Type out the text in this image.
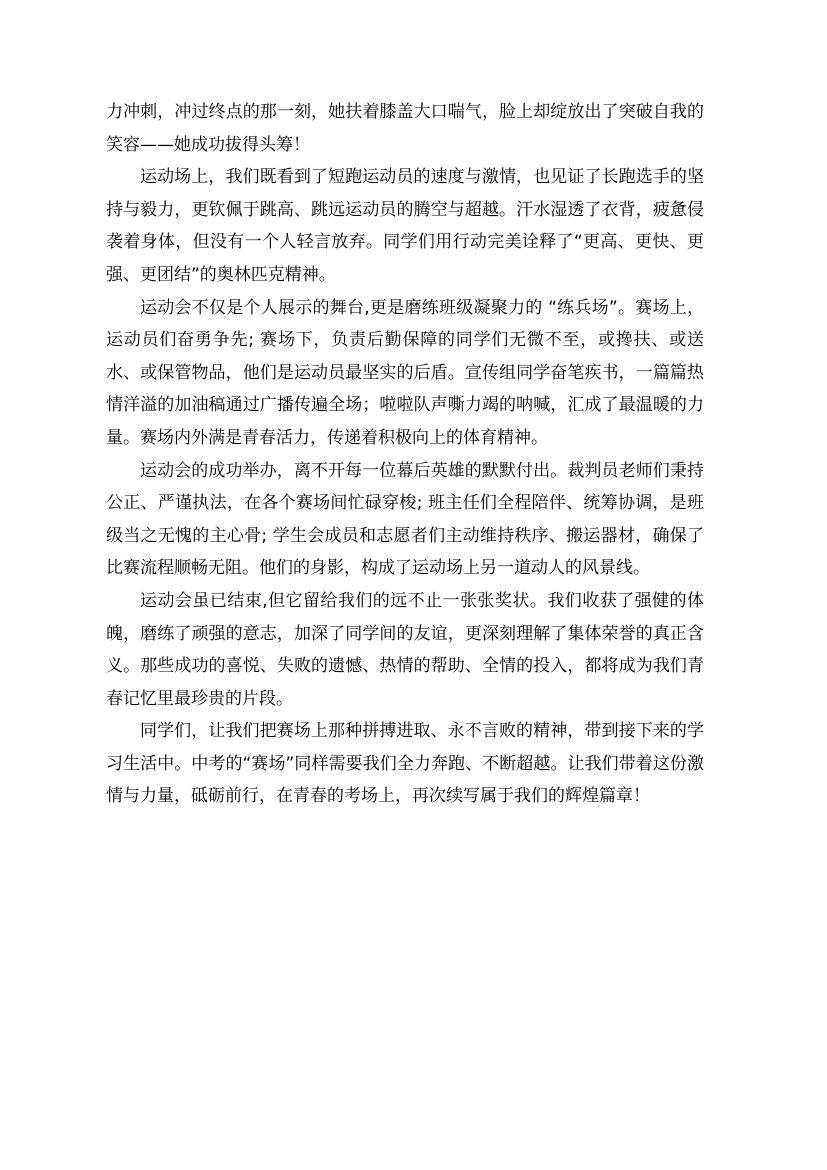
力冲刺，冲过终点的那一刻，她扶着膝盖大口喘气，脸上却绽放出了突破自我的笑容——她成功拔得头筹！

运动场上，我们既看到了短跑运动员的速度与激情，也见证了长跑选手的坚持与毅力，更钦佩于跳高、跳远运动员的腾空与超越。汗水湿透了衣背，疲惫侵袭着身体，但没有一个人轻言放弃。同学们用行动完美诠释了“更高、更快、更强、更团结”的奥林匹克精神。

运动会不仅是个人展示的舞台,更是磨练班级凝聚力的 “练兵场”。赛场上，运动员们奋勇争先; 赛场下，负责后勤保障的同学们无微不至，或搀扶、或送水、或保管物品，他们是运动员最坚实的后盾。宣传组同学奋笔疾书，一篇篇热情洋溢的加油稿通过广播传遍全场；啦啦队声嘶力竭的呐喊，汇成了最温暖的力量。赛场内外满是青春活力，传递着积极向上的体育精神。

运动会的成功举办，离不开每一位幕后英雄的默默付出。裁判员老师们秉持公正、严谨执法，在各个赛场间忙碌穿梭; 班主任们全程陪伴、统筹协调，是班级当之无愧的主心骨; 学生会成员和志愿者们主动维持秩序、搬运器材，确保了比赛流程顺畅无阻。他们的身影，构成了运动场上另一道动人的风景线。

运动会虽已结束,但它留给我们的远不止一张张奖状。我们收获了强健的体魄，磨练了顽强的意志，加深了同学间的友谊，更深刻理解了集体荣誉的真正含义。那些成功的喜悦、失败的遗憾、热情的帮助、全情的投入，都将成为我们青春记忆里最珍贵的片段。

同学们，让我们把赛场上那种拼搏进取、永不言败的精神，带到接下来的学习生活中。中考的“赛场”同样需要我们全力奔跑、不断超越。让我们带着这份激情与力量，砥砺前行，在青春的考场上，再次续写属于我们的辉煌篇章！
